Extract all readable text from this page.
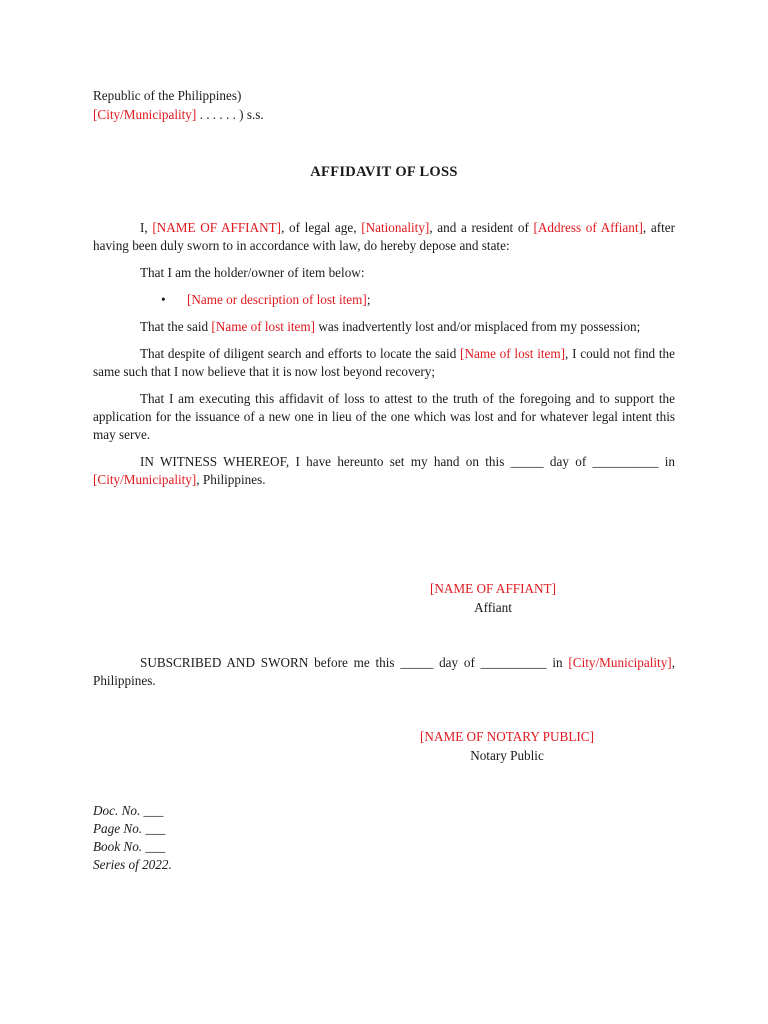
Republic of the Philippines)
[City/Municipality] . . . . . . ) s.s.
AFFIDAVIT OF LOSS

I, [NAME OF AFFIANT], of legal age, [Nationality], and a resident of [Address of Affiant], after having been duly sworn to in accordance with law, do hereby depose and state:

That I am the holder/owner of item below:

• [Name or description of lost item];

That the said [Name of lost item] was inadvertently lost and/or misplaced from my possession;

That despite of diligent search and efforts to locate the said [Name of lost item], I could not find the same such that I now believe that it is now lost beyond recovery;

That I am executing this affidavit of loss to attest to the truth of the foregoing and to support the application for the issuance of a new one in lieu of the one which was lost and for whatever legal intent this may serve.

IN WITNESS WHEREOF, I have hereunto set my hand on this _____ day of __________ in [City/Municipality], Philippines.

[NAME OF AFFIANT]
Affiant

SUBSCRIBED AND SWORN before me this _____ day of __________ in [City/Municipality], Philippines.

[NAME OF NOTARY PUBLIC]
Notary Public
Doc. No. ___
Page No. ___
Book No. ___
Series of 2022.
